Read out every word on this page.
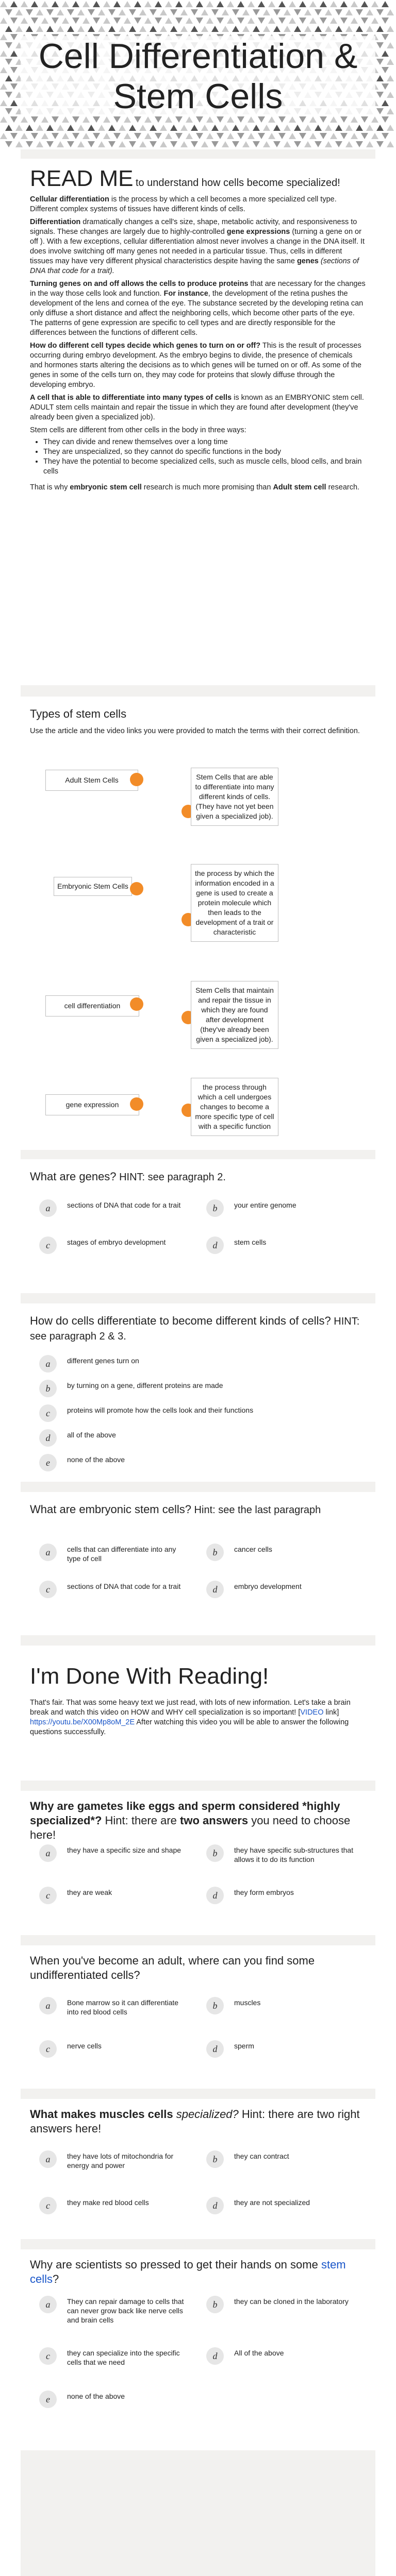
Cell Differentiation & Stem Cells
READ ME to understand how cells become specialized!

Cellular differentiation is the process by which a cell becomes a more specialized cell type. Different complex systems of tissues have different kinds of cells.

Differentiation dramatically changes a cell's size, shape, metabolic activity, and responsiveness to signals. These changes are largely due to highly-controlled gene expressions (turning a gene on or off ). With a few exceptions, cellular differentiation almost never involves a change in the DNA itself. It does involve switching off many genes not needed in a particular tissue. Thus, cells in different tissues may have very different physical characteristics despite having the same genes (sections of DNA that code for a trait).

Turning genes on and off allows the cells to produce proteins that are necessary for the changes in the way those cells look and function. For instance, the development of the retina pushes the development of the lens and cornea of the eye. The substance secreted by the developing retina can only diffuse a short distance and affect the neighboring cells, which become other parts of the eye. The patterns of gene expression are specific to cell types and are directly responsible for the differences between the functions of different cells.

How do different cell types decide which genes to turn on or off? This is the result of processes occurring during embryo development. As the embryo begins to divide, the presence of chemicals and hormones starts altering the decisions as to which genes will be turned on or off. As some of the genes in some of the cells turn on, they may code for proteins that slowly diffuse through the developing embryo.

A cell that is able to differentiate into many types of cells is known as an EMBRYONIC stem cell. ADULT stem cells maintain and repair the tissue in which they are found after development (they've already been given a specialized job).

Stem cells are different from other cells in the body in three ways:

• They can divide and renew themselves over a long time
• They are unspecialized, so they cannot do specific functions in the body
• They have the potential to become specialized cells, such as muscle cells, blood cells, and brain cells

That is why embryonic stem cell research is much more promising than Adult stem cell research.

Types of stem cells
Use the article and the video links you were provided to match the terms with their correct definition.
Adult Stem Cells
Embryonic Stem Cells
cell differentiation
gene expression
Stem Cells that are able to differentiate into many different kinds of cells. (They have not yet been given a specialized job).
the process by which the information encoded in a gene is used to create a protein molecule which then leads to the development of a trait or characteristic
Stem Cells that maintain and repair the tissue in which they are found after development (they've already been given a specialized job).
the process through which a cell undergoes changes to become a more specific type of cell with a specific function
What are genes? HINT: see paragraph 2.
a	sections of DNA that code for a trait	b	your entire genome
c	stages of embryo development	d	stem cells
How do cells differentiate to become different kinds of cells? HINT: see paragraph 2 & 3.
a	different genes turn on
b	by turning on a gene, different proteins are made
c	proteins will promote how the cells look and their functions
d	all of the above
e	none of the above
What are embryonic stem cells? Hint: see the last paragraph
a	cells that can differentiate into any type of cell
b	cancer cells
c	sections of DNA that code for a trait	d	embryo development
I'm Done With Reading!

That's fair. That was some heavy text we just read, with lots of new information. Let's take a brain break and watch this video on HOW and WHY cell specialization is so important! [VIDEO link] https://youtu.be/X00Mp8oM_2E After watching this video you will be able to answer the following questions successfully.

Why are gametes like eggs and sperm considered *highly specialized*? Hint: there are two answers you need to choose here!
a	they have a specific size and shape	b	they have specific sub-structures that allows it to do its function
c	they are weak	d	they form embryos
When you've become an adult, where can you find some undifferentiated cells?
a	Bone marrow so it can differentiate into red blood cells
b	muscles
c	nerve cells	d	sperm
What makes muscles cells specialized? Hint: there are two right answers here!
a	they have lots of mitochondria for energy and power
b	they can contract
c	they make red blood cells	d	they are not specialized
Why are scientists so pressed to get their hands on some stem cells?
a	They can repair damage to cells that can never grow back like nerve cells and brain cells
b	they can be cloned in the laboratory
c	they can specialize into the specific cells that we need
d	All of the above
e	none of the above
